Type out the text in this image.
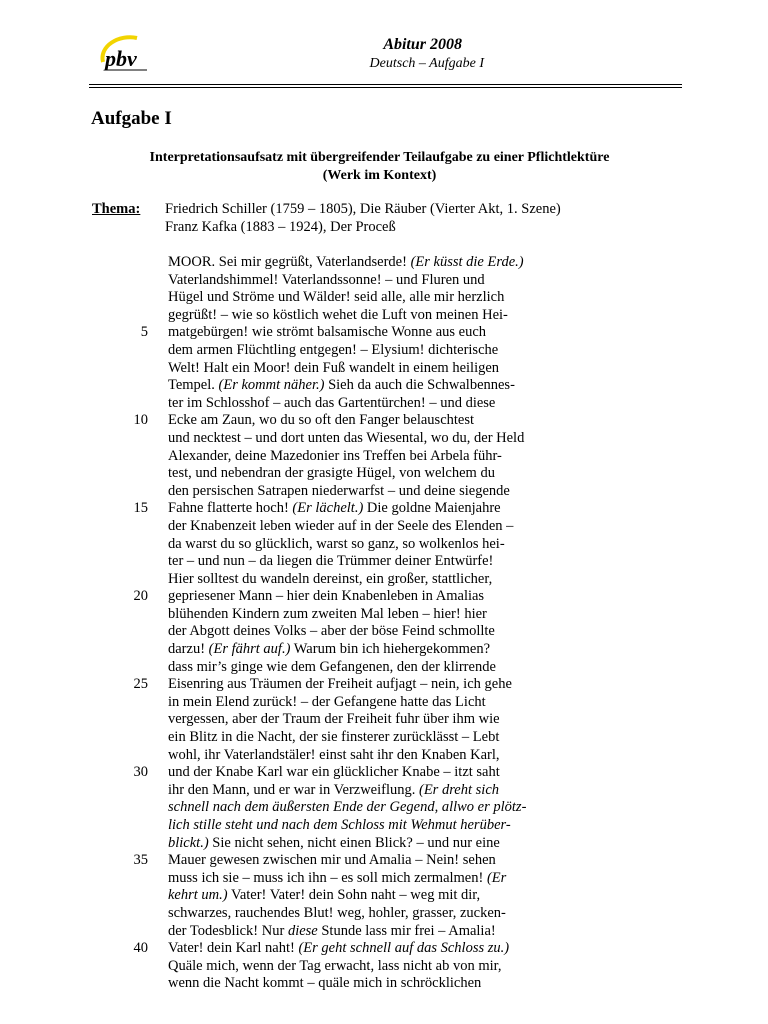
pbv
Abitur 2008
Deutsch – Aufgabe I
Aufgabe I
Interpretationsaufsatz mit übergreifender Teilaufgabe zu einer Pflichtlektüre
(Werk im Kontext)
Thema: Friedrich Schiller (1759 – 1805), Die Räuber (Vierter Akt, 1. Szene)
Franz Kafka (1883 – 1924), Der Proceß
MOOR. Sei mir gegrüßt, Vaterlandserde! (Er küsst die Erde.)
Vaterlandshimmel! Vaterlandssonne! – und Fluren und
Hügel und Ströme und Wälder! seid alle, alle mir herzlich
gegrüßt! – wie so köstlich wehet die Luft von meinen Hei-
5 matgebürgen! wie strömt balsamische Wonne aus euch
dem armen Flüchtling entgegen! – Elysium! dichterische
Welt! Halt ein Moor! dein Fuß wandelt in einem heiligen
Tempel. (Er kommt näher.) Sieh da auch die Schwalbennes-
ter im Schlosshof – auch das Gartentürchen! – und diese
10 Ecke am Zaun, wo du so oft den Fanger belauschtest
und necktest – und dort unten das Wiesental, wo du, der Held
Alexander, deine Mazedonier ins Treffen bei Arbela führ-
test, und nebendran der grasigte Hügel, von welchem du
den persischen Satrapen niederwarfst – und deine siegende
15 Fahne flatterte hoch! (Er lächelt.) Die goldne Maienjahre
der Knabenzeit leben wieder auf in der Seele des Elenden –
da warst du so glücklich, warst so ganz, so wolkenlos hei-
ter – und nun – da liegen die Trümmer deiner Entwürfe!
Hier solltest du wandeln dereinst, ein großer, stattlicher,
20 gepriesener Mann – hier dein Knabenleben in Amalias
blühenden Kindern zum zweiten Mal leben – hier! hier
der Abgott deines Volks – aber der böse Feind schmollte
darzu! (Er fährt auf.) Warum bin ich hiehergekommen?
dass mir’s ginge wie dem Gefangenen, den der klirrende
25 Eisenring aus Träumen der Freiheit aufjagt – nein, ich gehe
in mein Elend zurück! – der Gefangene hatte das Licht
vergessen, aber der Traum der Freiheit fuhr über ihm wie
ein Blitz in die Nacht, der sie finsterer zurücklässt – Lebt
wohl, ihr Vaterlandstäler! einst saht ihr den Knaben Karl,
30 und der Knabe Karl war ein glücklicher Knabe – itzt saht
ihr den Mann, und er war in Verzweiflung. (Er dreht sich
schnell nach dem äußersten Ende der Gegend, allwo er plötz-
lich stille steht und nach dem Schloss mit Wehmut herüber-
blickt.) Sie nicht sehen, nicht einen Blick? – und nur eine
35 Mauer gewesen zwischen mir und Amalia – Nein! sehen
muss ich sie – muss ich ihn – es soll mich zermalmen! (Er
kehrt um.) Vater! Vater! dein Sohn naht – weg mit dir,
schwarzes, rauchendes Blut! weg, hohler, grasser, zucken-
der Todesblick! Nur diese Stunde lass mir frei – Amalia!
40 Vater! dein Karl naht! (Er geht schnell auf das Schloss zu.)
Quäle mich, wenn der Tag erwacht, lass nicht ab von mir,
wenn die Nacht kommt – quäle mich in schröcklichen
